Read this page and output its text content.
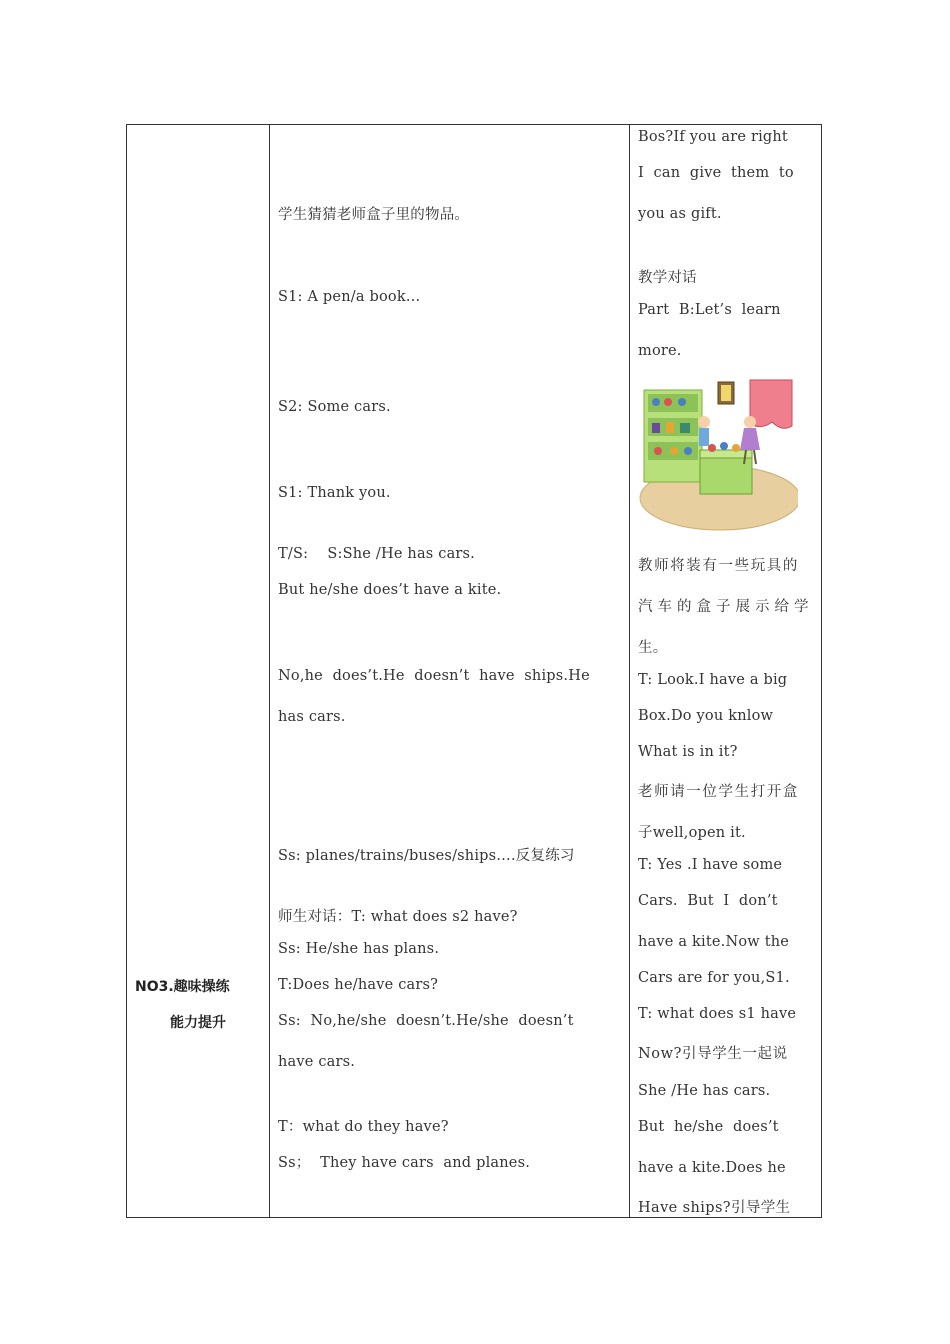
NO3.趣味操练
能力提升
学生猜猜老师盒子里的物品。
S1: A pen/a book…
S2: Some cars.
S1: Thank you.
T/S:    S:She /He has cars.
But he/she does’t have a kite.
No,he  does’t.He  doesn’t  have  ships.He
has cars.
Ss: planes/trains/buses/ships….反复练习
师生对话：T: what does s2 have?
Ss: He/she has plans.
T:Does he/have cars?
Ss:  No,he/she  doesn’t.He/she  doesn’t
have cars.
T：what do they have?
Ss；  They have cars  and planes.
Bos?If you are right
I  can  give  them  to
you as gift.
教学对话
Part  B:Let’s  learn
more.
教师将装有一些玩具的
汽车的盒子展示给学
生。
T: Look.I have a big
Box.Do you knlow
What is in it?
老师请一位学生打开盒
子well,open it.
T: Yes .I have some
Cars.  But  I  don’t
have a kite.Now the
Cars are for you,S1.
T: what does s1 have
Now?引导学生一起说
She /He has cars.
But  he/she  does’t
have a kite.Does he
Have ships?引导学生
